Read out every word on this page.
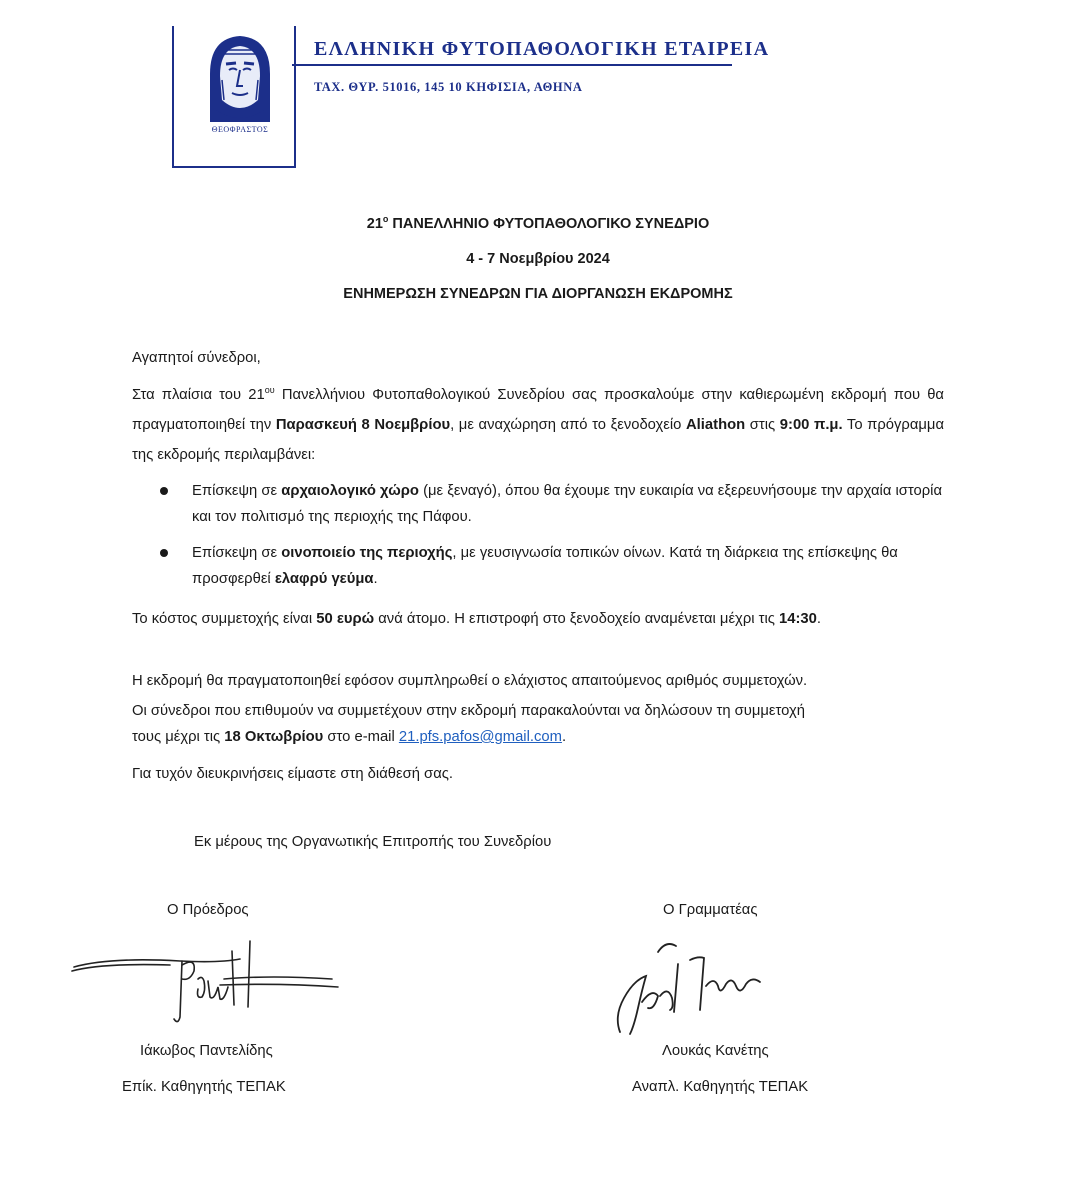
ΘΕΟΦΡΑΣΤΟΣ
ΕΛΛΗΝΙΚΗ ΦΥΤΟΠΑΘΟΛΟΓΙΚΗ ΕΤΑΙΡΕΙΑ
ΤΑΧ. ΘΥΡ. 51016, 145 10 ΚΗΦΙΣΙΑ, ΑΘΗΝΑ
$21^o$ ΠΑΝΕΛΛΗΝΙΟ ΦΥΤΟΠΑΘΟΛΟΓΙΚΟ ΣΥΝΕΔΡΙΟ
4 - 7 Νοεμβρίου 2024
ΕΝΗΜΕΡΩΣΗ ΣΥΝΕΔΡΩΝ ΓΙΑ ΔΙΟΡΓΑΝΩΣΗ ΕΚΔΡΟΜΗΣ
Αγαπητοί σύνεδροι,
Στα πλαίσια του $21^{o\upsilon}$ Πανελλήνιου Φυτοπαθολογικού Συνεδρίου σας προσκαλούμε στην καθιερωμένη εκδρομή που θα πραγματοποιηθεί την Παρασκευή 8 Νοεμβρίου, με αναχώρηση από το ξενοδοχείο Aliathon στις 9:00 π.μ. Το πρόγραμμα της εκδρομής περιλαμβάνει:
Επίσκεψη σε αρχαιολογικό χώρο (με ξεναγό), όπου θα έχουμε την ευκαιρία να εξερευνήσουμε την αρχαία ιστορία και τον πολιτισμό της περιοχής της Πάφου.
Επίσκεψη σε οινοποιείο της περιοχής, με γευσιγνωσία τοπικών οίνων. Κατά τη διάρκεια της επίσκεψης θα προσφερθεί ελαφρύ γεύμα.
Το κόστος συμμετοχής είναι 50 ευρώ ανά άτομο. Η επιστροφή στο ξενοδοχείο αναμένεται μέχρι τις 14:30.
Η εκδρομή θα πραγματοποιηθεί εφόσον συμπληρωθεί ο ελάχιστος απαιτούμενος αριθμός συμμετοχών.
Οι σύνεδροι που επιθυμούν να συμμετέχουν στην εκδρομή παρακαλούνται να δηλώσουν τη συμμετοχή
τους μέχρι τις 18 Οκτωβρίου στο e-mail 21.pfs.pafos@gmail.com.
Για τυχόν διευκρινήσεις είμαστε στη διάθεσή σας.
Εκ μέρους της Οργανωτικής Επιτροπής του Συνεδρίου
Ο Πρόεδρος
Ιάκωβος Παντελίδης
Επίκ. Καθηγητής ΤΕΠΑΚ
Ο Γραμματέας
Λουκάς Κανέτης
Αναπλ. Καθηγητής ΤΕΠΑΚ
